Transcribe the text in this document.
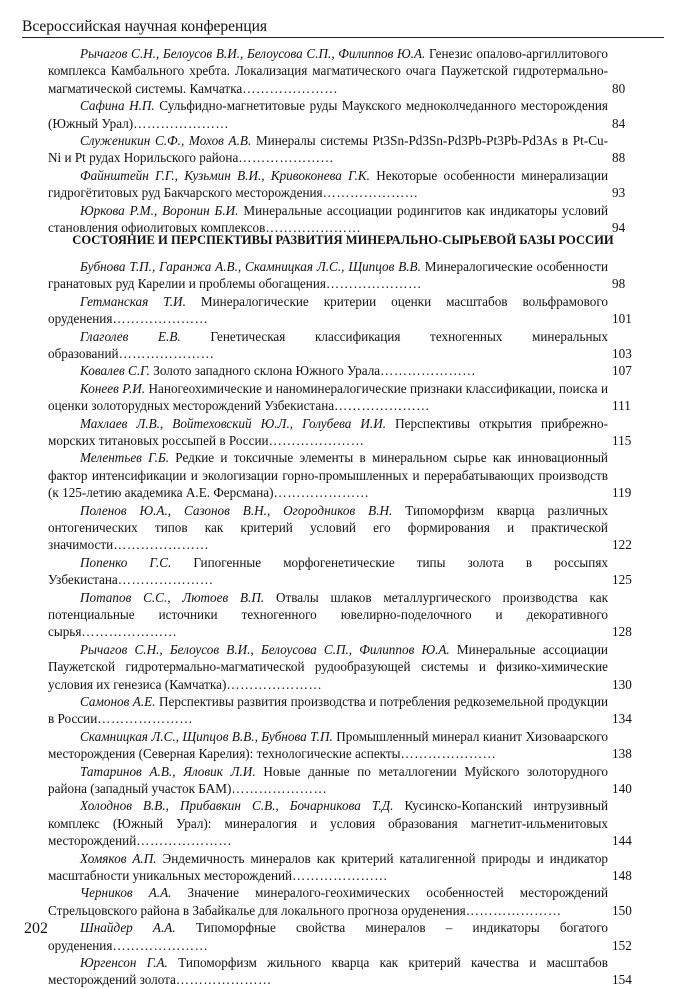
Всероссийская научная конференция
Рычагов С.Н., Белоусов В.И., Белоусова С.П., Филиппов Ю.А. Генезис опалово-аргиллитового комплекса Камбального хребта. Локализация магматического очага Паужетской гидротермально-магматической системы. Камчатка…………………
Сафина Н.П. Сульфидно-магнетитовые руды Маукского медноколчеданного месторождения (Южный Урал)…………………
Служеникин С.Ф., Мохов А.В. Минералы системы Pt3Sn-Pd3Sn-Pd3Pb-Pt3Pb-Pd3As в Pt-Cu-Ni и Pt рудах Норильского района…………………
Файнштейн Г.Г., Кузьмин В.И., Кривоконева Г.К. Некоторые особенности минерализации гидрогётитовых руд Бакчарского месторождения…………………
Юркова Р.М., Воронин Б.И. Минеральные ассоциации родингитов как индикаторы условий становления офиолитовых комплексов…………………
СОСТОЯНИЕ И ПЕРСПЕКТИВЫ РАЗВИТИЯ МИНЕРАЛЬНО-СЫРЬЕВОЙ БАЗЫ РОССИИ
Бубнова Т.П., Гаранжа А.В., Скамницкая Л.С., Щипцов В.В. Минералогические особенности гранатовых руд Карелии и проблемы обогащения…………………
Гетманская Т.И. Минералогические критерии оценки масштабов вольфрамового оруденения…………………
Глаголев Е.В. Генетическая классификация техногенных минеральных образований…………………
Ковалев С.Г. Золото западного склона Южного Урала…………………
Конеев Р.И. Наногеохимические и наноминералогические признаки классификации, поиска и оценки золоторудных месторождений Узбекистана…………………
Махлаев Л.В., Войтеховский Ю.Л., Голубева И.И. Перспективы открытия прибрежно-морских титановых россыпей в России…………………
Мелентьев Г.Б. Редкие и токсичные элементы в минеральном сырье как инновационный фактор интенсификации и экологизации горно-промышленных и перерабатывающих производств (к 125-летию академика А.Е. Ферсмана)…………………
Поленов Ю.А., Сазонов В.Н., Огородников В.Н. Типоморфизм кварца различных онтогенических типов как критерий условий его формирования и практической значимости…………………
Попенко Г.С. Гипогенные морфогенетические типы золота в россыпях Узбекистана…………………
Потапов С.С., Лютоев В.П. Отвалы шлаков металлургического производства как потенциальные источники техногенного ювелирно-поделочного и декоративного сырья…………………
Рычагов С.Н., Белоусов В.И., Белоусова С.П., Филиппов Ю.А. Минеральные ассоциации Паужетской гидротермально-магматической рудообразующей системы и физико-химические условия их генезиса (Камчатка)…………………
Самонов А.Е. Перспективы развития производства и потребления редкоземельной продукции в России…………………
Скамницкая Л.С., Щипцов В.В., Бубнова Т.П. Промышленный минерал кианит Хизоваарского месторождения (Северная Карелия): технологические аспекты…………………
Татаринов А.В., Яловик Л.И. Новые данные по металлогении Муйского золоторудного района (западный участок БАМ)…………………
Холоднов В.В., Прибавкин С.В., Бочарникова Т.Д. Кусинско-Копанский интрузивный комплекс (Южный Урал): минералогия и условия образования магнетит-ильменитовых месторождений…………………
Хомяков А.П. Эндемичность минералов как критерий каталигенной природы и индикатор масштабности уникальных месторождений…………………
Черников А.А. Значение минералого-геохимических особенностей месторождений Стрельцовского района в Забайкалье для локального прогноза оруденения…………………
Шнайдер А.А. Типоморфные свойства минералов – индикаторы богатого оруденения…………………
Юргенсон Г.А. Типоморфизм жильного кварца как критерий качества и масштабов месторождений золота…………………
202
80
84
88
93
94
98
101
103
107
111
115
119
122
125
128
130
134
138
140
144
148
150
152
154
